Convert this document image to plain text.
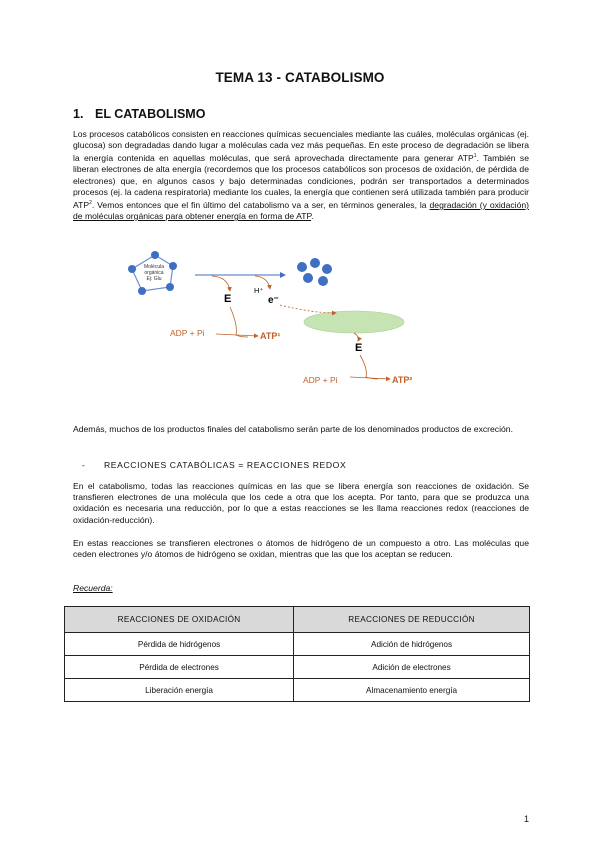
TEMA 13 - CATABOLISMO
1. EL CATABOLISMO

Los procesos catabólicos consisten en reacciones químicas secuenciales mediante las cuáles, moléculas orgánicas (ej. glucosa) son degradadas dando lugar a moléculas cada vez más pequeñas. En este proceso de degradación se libera la energía contenida en aquellas moléculas, que será aprovechada directamente para generar ATP$^1$. También se liberan electrones de alta energía (recordemos que los procesos catabólicos son procesos de oxidación, de pérdida de electrones) que, en algunos casos y bajo determinadas condiciones, podrán ser transportados a determinados procesos (ej. la cadena respiratoria) mediante los cuales, la energía que contienen será utilizada también para producir ATP$^2$. Vemos entonces que el fin último del catabolismo va a ser, en términos generales, la degradación (y oxidación) de moléculas orgánicas para obtener energía en forma de ATP.

Molécula
orgánica
Ej: Glu
E
H⁺
e⁻
ADP + Pi	ATP¹
E
ADP + Pi	ATP²

Además, muchos de los productos finales del catabolismo serán parte de los denominados productos de excreción.

- REACCIONES CATABÓLICAS = REACCIONES REDOX

En el catabolismo, todas las reacciones químicas en las que se libera energía son reacciones de oxidación. Se transfieren electrones de una molécula que los cede a otra que los acepta. Por tanto, para que se produzca una oxidación es necesaria una reducción, por lo que a estas reacciones se les llama reacciones redox (reacciones de oxidación-reducción).

En estas reacciones se transfieren electrones o átomos de hidrógeno de un compuesto a otro. Las moléculas que ceden electrones y/o átomos de hidrógeno se oxidan, mientras que las que los aceptan se reducen.

Recuerda:
REACCIONES DE OXIDACIÓN	REACCIONES DE REDUCCIÓN
Pérdida de hidrógenos	Adición de hidrógenos
Pérdida de electrones	Adición de electrones
Liberación energía	Almacenamiento energía
1
